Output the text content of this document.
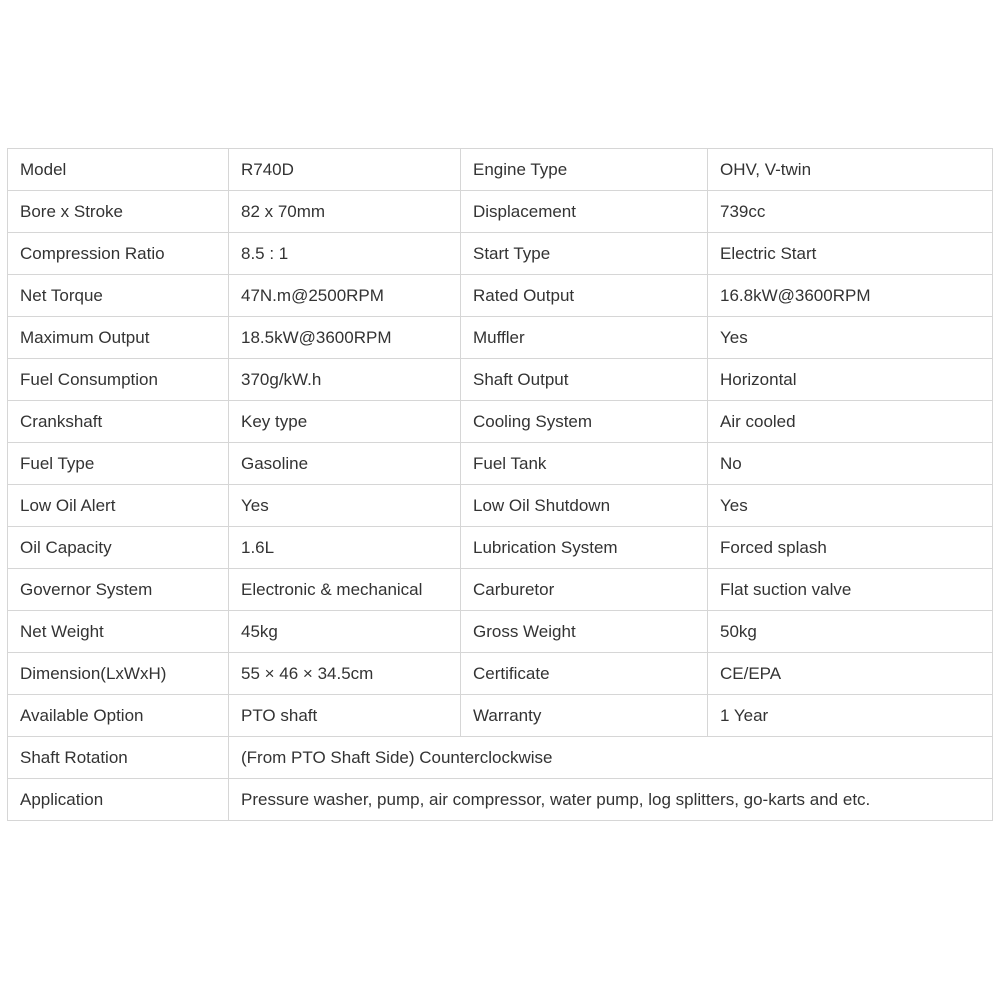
Model	R740D	Engine Type	OHV, V-twin
Bore x Stroke	82 x 70mm	Displacement	739cc
Compression Ratio	8.5 : 1	Start Type	Electric Start
Net Torque	47N.m@2500RPM	Rated Output	16.8kW@3600RPM
Maximum Output	18.5kW@3600RPM	Muffler	Yes
Fuel Consumption	370g/kW.h	Shaft Output	Horizontal
Crankshaft	Key type	Cooling System	Air cooled
Fuel Type	Gasoline	Fuel Tank	No
Low Oil Alert	Yes	Low Oil Shutdown	Yes
Oil Capacity	1.6L	Lubrication System	Forced splash
Governor System	Electronic & mechanical	Carburetor	Flat suction valve
Net Weight	45kg	Gross Weight	50kg
Dimension(LxWxH)	55 × 46 × 34.5cm	Certificate	CE/EPA
Available Option	PTO shaft	Warranty	1 Year
Shaft Rotation	(From PTO Shaft Side) Counterclockwise		
Application	Pressure washer, pump, air compressor, water pump, log splitters, go-karts and etc.		
